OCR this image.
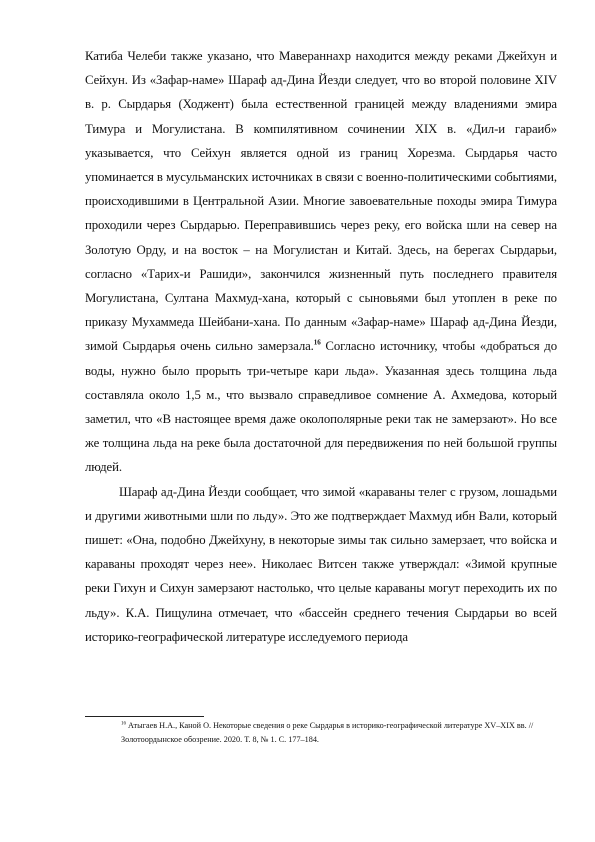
Катиба Челеби также указано, что Мавераннахр находится между реками Джейхун и Сейхун. Из «Зафар-наме» Шараф ад-Дина Йезди следует, что во второй половине XIV в. р. Сырдарья (Ходжент) была естественной границей между владениями эмира Тимура и Могулистана. В компилятивном сочинении XIX в. «Дил-и гараиб» указывается, что Сейхун является одной из границ Хорезма. Сырдарья часто упоминается в мусульманских источниках в связи с военно-политическими событиями, происходившими в Центральной Азии. Многие завоевательные походы эмира Тимура проходили через Сырдарью. Переправившись через реку, его войска шли на север на Золотую Орду, и на восток – на Могулистан и Китай. Здесь, на берегах Сырдарьи, согласно «Тарих-и Рашиди», закончился жизненный путь последнего правителя Могулистана, Султана Махмуд-хана, который с сыновьями был утоплен в реке по приказу Мухаммеда Шейбани-хана. По данным «Зафар-наме» Шараф ад-Дина Йезди, зимой Сырдарья очень сильно замерзала.$^{16}$ Согласно источнику, чтобы «добраться до воды, нужно было прорыть три-четыре кари льда». Указанная здесь толщина льда составляла около 1,5 м., что вызвало справедливое сомнение А. Ахмедова, который заметил, что «В настоящее время даже околополярные реки так не замерзают». Но все же толщина льда на реке была достаточной для передвижения по ней большой группы людей.

Шараф ад-Дина Йезди сообщает, что зимой «караваны телег с грузом, лошадьми и другими животными шли по льду». Это же подтверждает Махмуд ибн Вали, который пишет: «Она, подобно Джейхуну, в некоторые зимы так сильно замерзает, что войска и караваны проходят через нее». Николаес Витсен также утверждал: «Зимой крупные реки Гихун и Сихун замерзают настолько, что целые караваны могут переходить их по льду». К.А. Пищулина отмечает, что «бассейн среднего течения Сырдарьи во всей историко-географической литературе исследуемого периода

$^{16}$ Атыгаев Н.А., Каной О. Некоторые сведения о реке Сырдарья в историко-географической литературе XV–XIX вв. // Золотоордынское обозрение. 2020. Т. 8, № 1. С. 177–184.
